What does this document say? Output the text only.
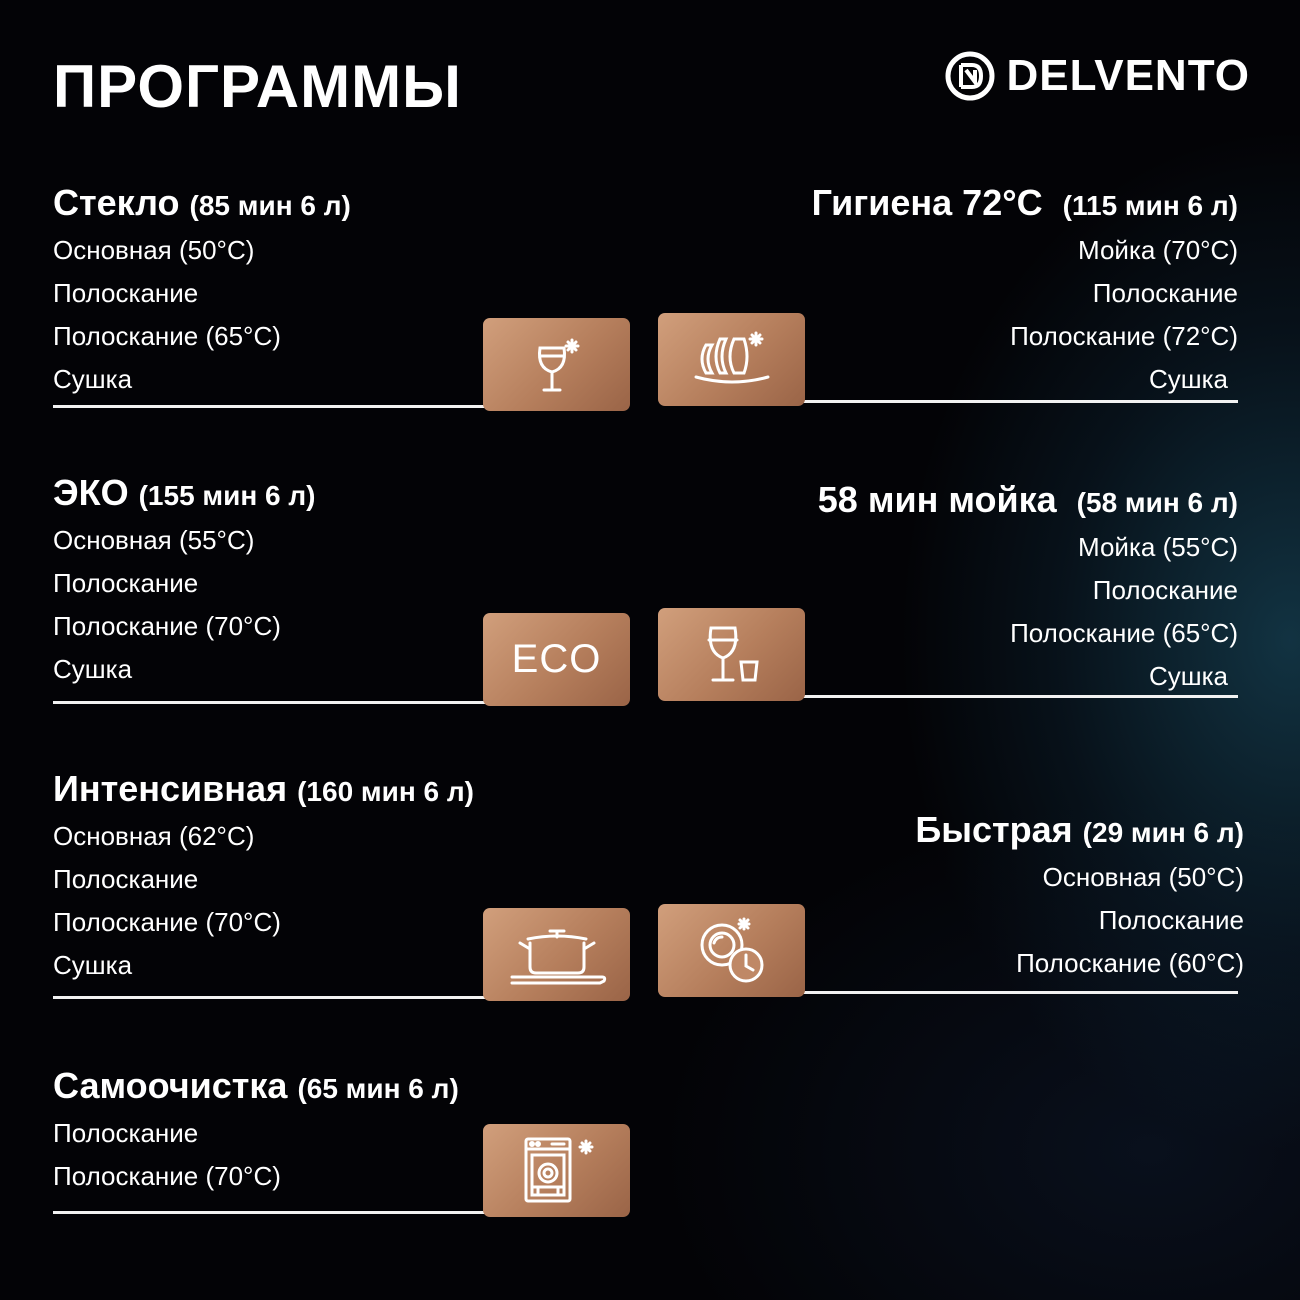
ПРОГРАММЫ	DELVENTO
Стекло (85 мин 6 л)
Основная (50°С)
Полоскание
Полоскание (65°С)
Сушка
Гигиена 72°С (115 мин 6 л)
Мойка (70°С)
Полоскание
Полоскание (72°С)
Сушка
ЭКО (155 мин 6 л)
Основная (55°С)
Полоскание
Полоскание (70°С)
Сушка	ECO
58 мин мойка (58 мин 6 л)
Мойка (55°С)
Полоскание
Полоскание (65°С)
Сушка
Интенсивная (160 мин 6 л)
Основная (62°С)
Полоскание
Полоскание (70°С)
Сушка
Быстрая (29 мин 6 л)
Основная (50°С)
Полоскание
Полоскание (60°С)
Самоочистка (65 мин 6 л)
Полоскание
Полоскание (70°С)
